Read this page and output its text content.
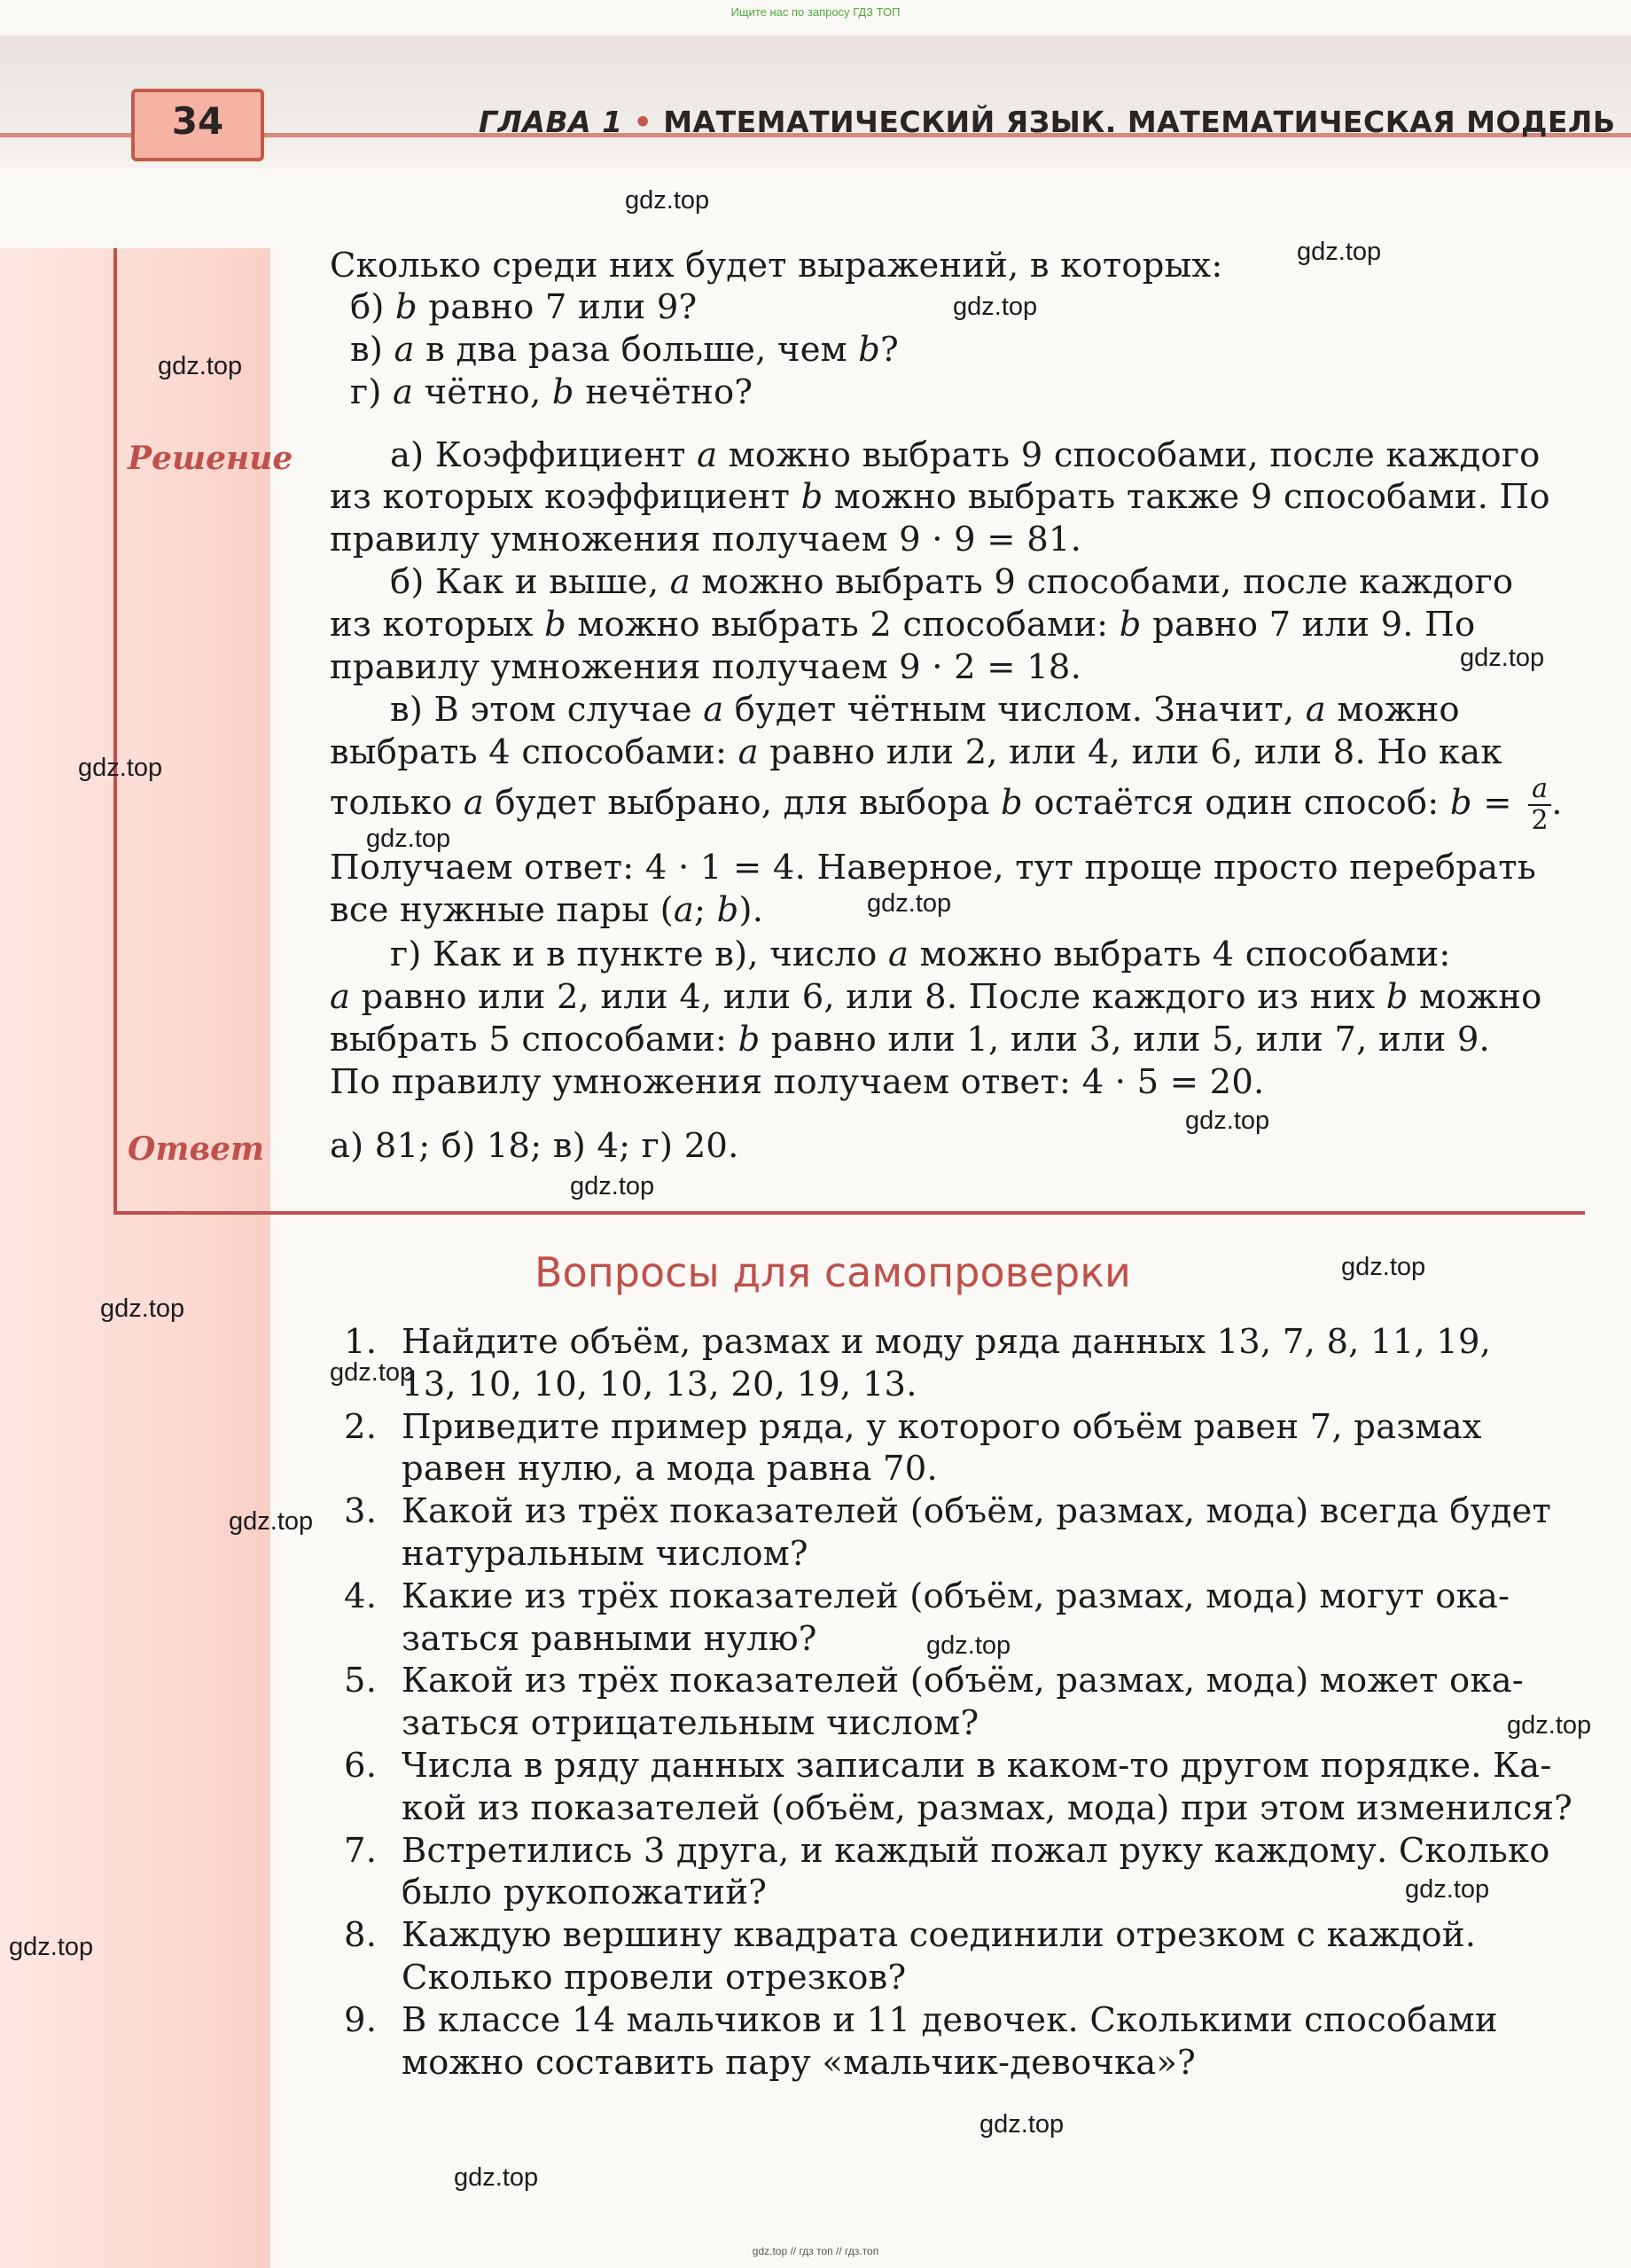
Ищите нас по запросу ГДЗ ТОП
34	ГЛАВА 1 • МАТЕМАТИЧЕСКИЙ ЯЗЫК. МАТЕМАТИЧЕСКАЯ МОДЕЛЬ
Сколько среди них будет выражений, в которых:
б) b равно 7 или 9?
в) a в два раза больше, чем b?
г) a чётно, b нечётно?
Решение	а) Коэффициент a можно выбрать 9 способами, после каждого
из которых коэффициент b можно выбрать также 9 способами. По
правилу умножения получаем 9 · 9 = 81.
б) Как и выше, a можно выбрать 9 способами, после каждого
из которых b можно выбрать 2 способами: b равно 7 или 9. По
правилу умножения получаем 9 · 2 = 18.
в) В этом случае a будет чётным числом. Значит, a можно
выбрать 4 способами: a равно или 2, или 4, или 6, или 8. Но как
только a будет выбрано, для выбора b остаётся один способ: $b = \frac{a}{2}$ .
Получаем ответ: 4 · 1 = 4. Наверное, тут проще просто перебрать
все нужные пары (a; b).
г) Как и в пункте в), число a можно выбрать 4 способами:
a равно или 2, или 4, или 6, или 8. После каждого из них b можно
выбрать 5 способами: b равно или 1, или 3, или 5, или 7, или 9.
По правилу умножения получаем ответ: 4 · 5 = 20.
Ответ а) 81; б) 18; в) 4; г) 20.
Вопросы для самопроверки
1. Найдите объём, размах и моду ряда данных 13, 7, 8, 11, 19,
13, 10, 10, 10, 13, 20, 19, 13.
2. Приведите пример ряда, у которого объём равен 7, размах
равен нулю, а мода равна 70.
3. Какой из трёх показателей (объём, размах, мода) всегда будет
натуральным числом?
4. Какие из трёх показателей (объём, размах, мода) могут ока-
заться равными нулю?
5. Какой из трёх показателей (объём, размах, мода) может ока-
заться отрицательным числом?
6. Числа в ряду данных записали в каком-то другом порядке. Ка-
кой из показателей (объём, размах, мода) при этом изменился?
7. Встретились 3 друга, и каждый пожал руку каждому. Сколько
было рукопожатий?
8. Каждую вершину квадрата соединили отрезком с каждой.
Сколько провели отрезков?
9. В классе 14 мальчиков и 11 девочек. Сколькими способами
можно составить пару «мальчик-девочка»?
gdz.top
gdz.top
gdz.top
gdz.top
gdz.top
gdz.top
gdz.top
gdz.top
gdz.top
gdz.top
gdz.top
gdz.top
gdz.top
gdz.top
gdz.top
gdz.top
gdz.top
gdz.top
gdz.top
gdz.top
gdz.top // гдз топ // гдз.топ
